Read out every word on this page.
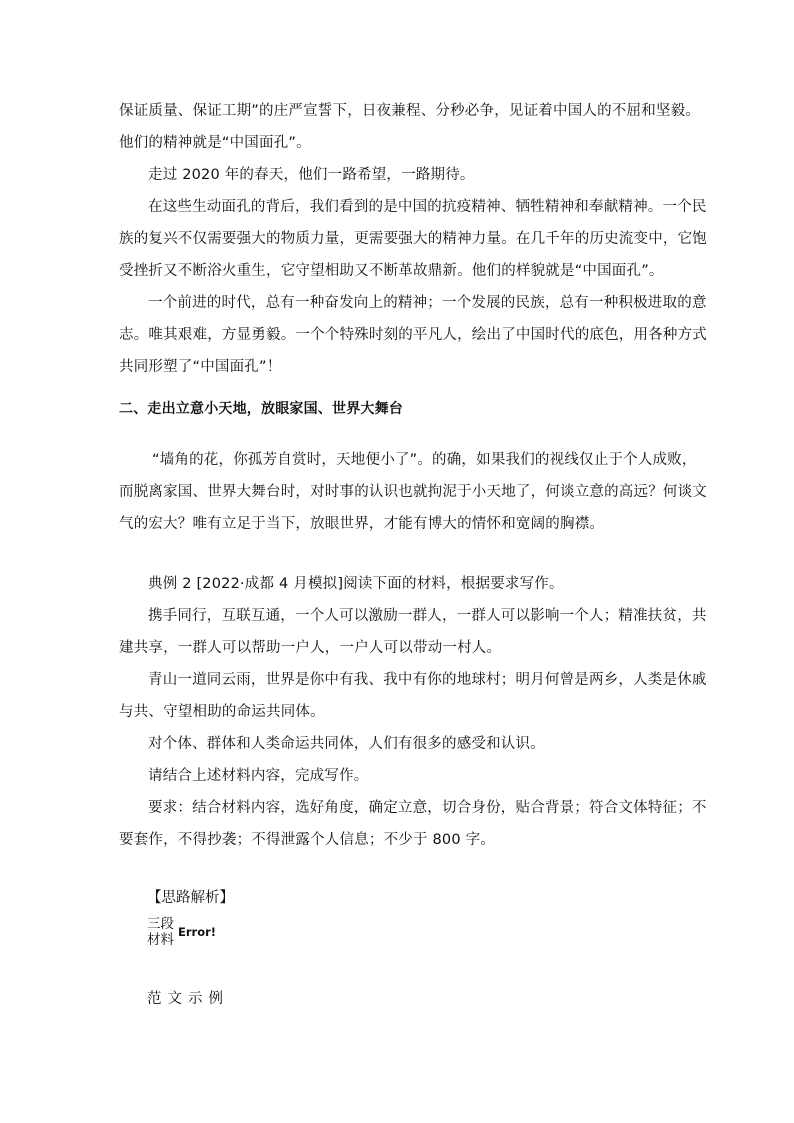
保证质量、保证工期”的庄严宣誓下，日夜兼程、分秒必争，见证着中国人的不屈和坚毅。
他们的精神就是“中国面孔”。
走过 2020 年的春天，他们一路希望，一路期待。
在这些生动面孔的背后，我们看到的是中国的抗疫精神、牺牲精神和奉献精神。一个民
族的复兴不仅需要强大的物质力量，更需要强大的精神力量。在几千年的历史流变中，它饱
受挫折又不断浴火重生，它守望相助又不断革故鼎新。他们的样貌就是“中国面孔”。
一个前进的时代，总有一种奋发向上的精神；一个发展的民族，总有一种积极进取的意
志。唯其艰难，方显勇毅。一个个特殊时刻的平凡人，绘出了中国时代的底色，用各种方式
共同形塑了“中国面孔”！
二、走出立意小天地，放眼家国、世界大舞台
“墙角的花，你孤芳自赏时，天地便小了”。的确，如果我们的视线仅止于个人成败，
而脱离家国、世界大舞台时，对时事的认识也就拘泥于小天地了，何谈立意的高远？何谈文
气的宏大？唯有立足于当下，放眼世界，才能有博大的情怀和宽阔的胸襟。
典例 2 [2022·成都 4 月模拟]阅读下面的材料，根据要求写作。
携手同行，互联互通，一个人可以激励一群人，一群人可以影响一个人；精准扶贫，共
建共享，一群人可以帮助一户人，一户人可以带动一村人。
青山一道同云雨，世界是你中有我、我中有你的地球村；明月何曾是两乡，人类是休戚
与共、守望相助的命运共同体。
对个体、群体和人类命运共同体，人们有很多的感受和认识。
请结合上述材料内容，完成写作。
要求：结合材料内容，选好角度，确定立意，切合身份，贴合背景；符合文体特征；不
要套作，不得抄袭；不得泄露个人信息；不少于 800 字。
【思路解析】
三段
材料 Error!
范文示例
